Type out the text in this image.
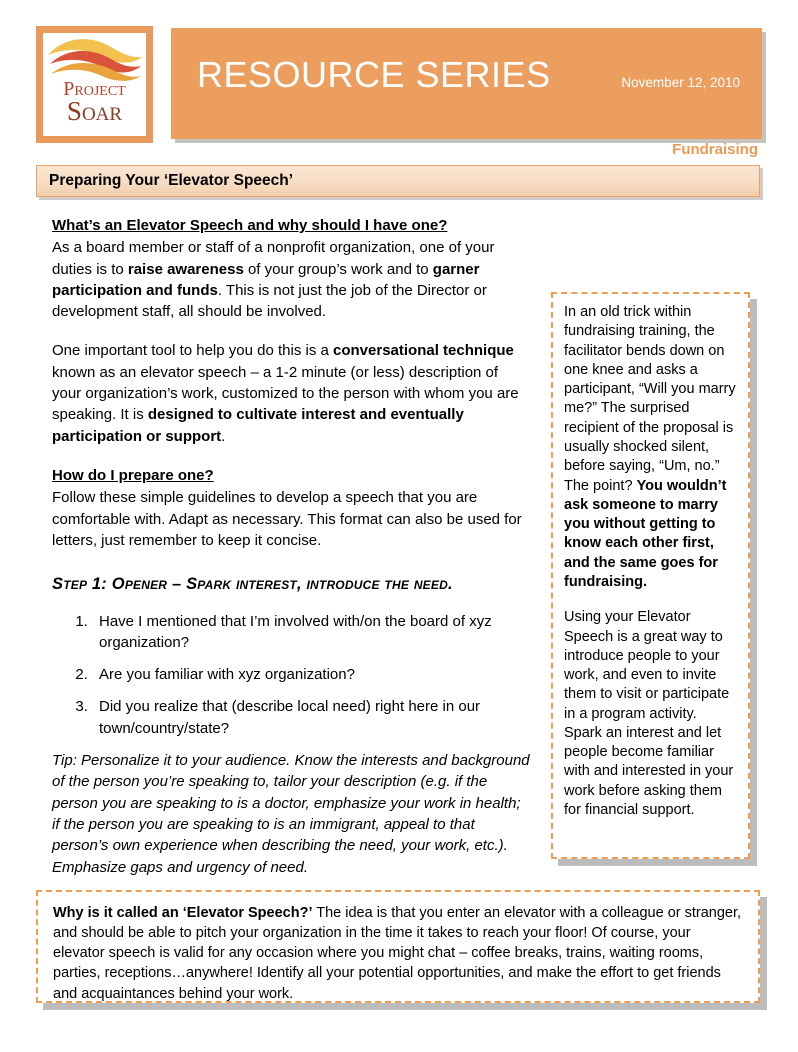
Project
Soar
RESOURCE SERIES	November 12, 2010
Fundraising
Preparing Your ‘Elevator Speech’
What’s an Elevator Speech and why should I have one?

As a board member or staff of a nonprofit organization, one of your duties is to raise awareness of your group’s work and to garner participation and funds. This is not just the job of the Director or development staff, all should be involved.

One important tool to help you do this is a conversational technique known as an elevator speech – a 1-2 minute (or less) description of your organization’s work, customized to the person with whom you are speaking. It is designed to cultivate interest and eventually participation or support.

How do I prepare one?

Follow these simple guidelines to develop a speech that you are comfortable with. Adapt as necessary. This format can also be used for letters, just remember to keep it concise.

Step 1: Opener – Spark interest, introduce the need.
1. Have I mentioned that I’m involved with/on the board of xyz organization?
2. Are you familiar with xyz organization?
3. Did you realize that (describe local need) right here in our town/country/state?

Tip: Personalize it to your audience. Know the interests and background of the person you’re speaking to, tailor your description (e.g. if the person you are speaking to is a doctor, emphasize your work in health; if the person you are speaking to is an immigrant, appeal to that person’s own experience when describing the need, your work, etc.). Emphasize gaps and urgency of need.

In an old trick within fundraising training, the facilitator bends down on one knee and asks a participant, “Will you marry me?” The surprised recipient of the proposal is usually shocked silent, before saying, “Um, no.” The point? You wouldn’t ask someone to marry you without getting to know each other first, and the same goes for fundraising.

Using your Elevator Speech is a great way to introduce people to your work, and even to invite them to visit or participate in a program activity. Spark an interest and let people become familiar with and interested in your work before asking them for financial support.

Why is it called an ‘Elevator Speech?’ The idea is that you enter an elevator with a colleague or stranger, and should be able to pitch your organization in the time it takes to reach your floor! Of course, your elevator speech is valid for any occasion where you might chat – coffee breaks, trains, waiting rooms, parties, receptions…anywhere! Identify all your potential opportunities, and make the effort to get friends and acquaintances behind your work.
